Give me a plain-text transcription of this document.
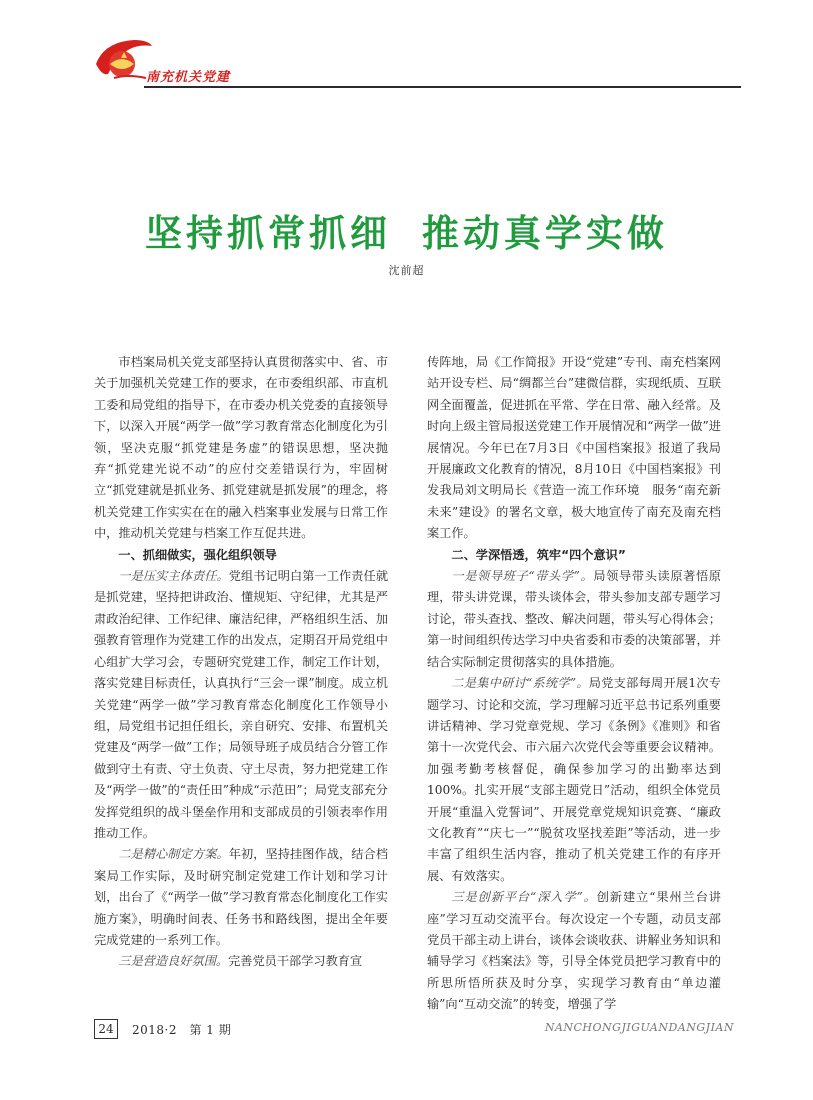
南充机关党建
坚持抓常抓细 推动真学实做
沈前超

市档案局机关党支部坚持认真贯彻落实中、省、市关于加强机关党建工作的要求，在市委组织部、市直机工委和局党组的指导下，在市委办机关党委的直接领导下，以深入开展“两学一做”学习教育常态化制度化为引领，坚决克服“抓党建是务虚”的错误思想，坚决抛弃“抓党建光说不动”的应付交差错误行为，牢固树立“抓党建就是抓业务、抓党建就是抓发展”的理念，将机关党建工作实实在在的融入档案事业发展与日常工作中，推动机关党建与档案工作互促共进。

一、抓细做实，强化组织领导

一是压实主体责任。党组书记明白第一工作责任就是抓党建，坚持把讲政治、懂规矩、守纪律，尤其是严肃政治纪律、工作纪律、廉洁纪律，严格组织生活、加强教育管理作为党建工作的出发点，定期召开局党组中心组扩大学习会，专题研究党建工作，制定工作计划，落实党建目标责任，认真执行“三会一课”制度。成立机关党建“两学一做”学习教育常态化制度化工作领导小组，局党组书记担任组长，亲自研究、安排、布置机关党建及“两学一做”工作；局领导班子成员结合分管工作做到守土有责、守土负责、守土尽责，努力把党建工作及“两学一做”的“责任田”种成“示范田”；局党支部充分发挥党组织的战斗堡垒作用和支部成员的引领表率作用推动工作。

二是精心制定方案。年初，坚持挂图作战，结合档案局工作实际，及时研究制定党建工作计划和学习计划，出台了《“两学一做”学习教育常态化制度化工作实施方案》，明确时间表、任务书和路线图，提出全年要完成党建的一系列工作。

三是营造良好氛围。完善党员干部学习教育宣

传阵地，局《工作简报》开设“党建”专刊、南充档案网站开设专栏、局“绸都兰台”建微信群，实现纸质、互联网全面覆盖，促进抓在平常、学在日常、融入经常。及时向上级主管局报送党建工作开展情况和“两学一做”进展情况。今年已在7月3日《中国档案报》报道了我局开展廉政文化教育的情况，8月10日《中国档案报》刊发我局刘文明局长《营造一流工作环境　服务“南充新未来”建设》的署名文章，极大地宣传了南充及南充档案工作。

二、学深悟透，筑牢“四个意识”

一是领导班子“带头学”。局领导带头读原著悟原理，带头讲党课，带头谈体会，带头参加支部专题学习讨论，带头查找、整改、解决问题，带头写心得体会；第一时间组织传达学习中央省委和市委的决策部署，并结合实际制定贯彻落实的具体措施。

二是集中研讨“系统学”。局党支部每周开展1次专题学习、讨论和交流，学习理解习近平总书记系列重要讲话精神、学习党章党规、学习《条例》《准则》和省第十一次党代会、市六届六次党代会等重要会议精神。加强考勤考核督促，确保参加学习的出勤率达到100%。扎实开展“支部主题党日”活动，组织全体党员开展“重温入党誓词”、开展党章党规知识竞赛、“廉政文化教育”“庆七一”“脱贫攻坚找差距”等活动，进一步丰富了组织生活内容，推动了机关党建工作的有序开展、有效落实。

三是创新平台“深入学”。创新建立“果州兰台讲座”学习互动交流平台。每次设定一个专题，动员支部党员干部主动上讲台，谈体会谈收获、讲解业务知识和辅导学习《档案法》等，引导全体党员把学习教育中的所思所悟所获及时分享，实现学习教育由“单边灌输”向“互动交流”的转变，增强了学

24	2018·2　第 1 期	NANCHONGJIGUANDANGJIAN
